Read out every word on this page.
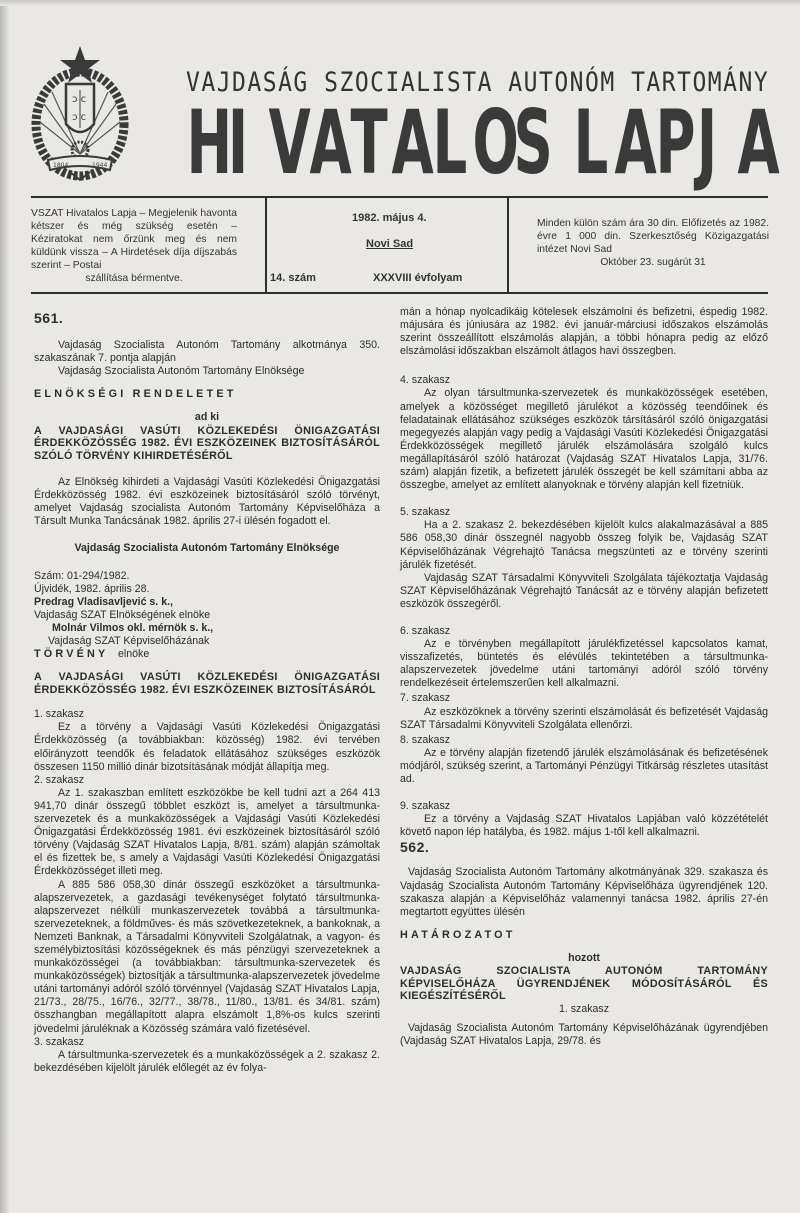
ɔ c
ɔ c
1804	1944
VAJDASÁG SZOCIALISTA AUTONÓM TARTOMÁNY
H
I V
A
T A
L O
S L A
P J A
VSZAT Hivatalos Lapja – Megjelenik havonta kétszer és még szükség esetén – Kéziratokat nem őrzünk meg és nem küldünk vissza – A Hirdetések díja díjszabás szerint – Postai
szállítása bérmentve.
1982. május 4.
Novi Sad
14. szám	XXXVIII évfolyam
Minden külön szám ára 30 din. Előfizetés az 1982. évre 1 000 din. Szerkesztőség Közigazgatási intézet Novi Sad
Október 23. sugárút 31
561.

Vajdaság Szocialista Autonóm Tartomány alkotmánya 350. szakaszának 7. pontja alapján

Vajdaság Szocialista Autonóm Tartomány Elnöksége

ELNÖKSÉGI RENDELETET

ad ki

A VAJDASÁGI VASÚTI KÖZLEKEDÉSI ÖNIGAZGATÁSI ÉRDEKKÖZÖSSÉG 1982. ÉVI ESZKÖZEINEK BIZTOSÍTÁSÁRÓL SZÓLÓ TÖRVÉNY KIHIRDETÉSÉRŐL

Az Elnökség kihirdeti a Vajdasági Vasúti Közlekedési Önigazgatási Érdekközösség 1982. évi eszközeinek biztosításáról szóló törvényt, amelyet Vajdaság szocialista Autonóm Tartomány Képviselőháza a Társult Munka Tanácsának 1982. április 27-i ülésén fogadott el.

Vajdaság Szocialista Autonóm Tartomány Elnöksége

Szám: 01-294/1982.

Újvidék, 1982. április 28.

Predrag Vladisavljević s. k.,

Vajdaság SZAT Elnökségének elnöke

Molnár Vilmos okl. mérnök s. k.,

Vajdaság SZAT Képviselőházának

elnöke

TÖRVÉNY

A VAJDASÁGI VASÚTI KÖZLEKEDÉSI ÖNIGAZGATÁSI ÉRDEKKÖZÖSSÉG 1982. ÉVI ESZKÖZEINEK BIZTOSÍTÁSÁRÓL

1. szakasz

Ez a törvény a Vajdasági Vasúti Közlekedési Önigazgatási Érdekközösség (a továbbiakban: közösség) 1982. évi tervében előirányzott teendők és feladatok ellátásához szükséges eszközök összesen 1150 millió dinár bizotsításának módját állapítja meg.

2. szakasz

Az 1. szakaszban említett eszközökbe be kell tudni azt a 264 413 941,70 dinár összegű többlet eszközt is, amelyet a társultmunka-szervezetek és a munkaközösségek a Vajdasági Vasúti Közlekedési Önigazgatási Érdekközösség 1981. évi eszközeinek biztosításáról szóló törvény (Vajdaság SZAT Hivatalos Lapja, 8/81. szám) alapján számoltak el és fizettek be, s amely a Vajdasági Vasúti Közlekedési Önigazgatási Érdekközösséget illeti meg.

A 885 586 058,30 dinár összegű eszközöket a társultmunka-alapszervezetek, a gazdasági tevékenységet folytató társultmunka-alapszervezet nélküli munkaszervezetek továbbá a társultmunka-szervezeteknek, a földműves- és más szövetkezeteknek, a bankoknak, a Nemzeti Banknak, a Társadalmi Könyvviteli Szolgálatnak, a vagyon- és személybiztosítási közösségeknek és más pénzügyi szervezeteknek a munkaközösségei (a továbbiakban: társultmunka-szervezetek és munkaközösségek) biztosítják a társultmunka-alapszervezetek jövedelme utáni tartományi adóról szóló törvénnyel (Vajdaság SZAT Hivatalos Lapja, 21/73., 28/75., 16/76., 32/77., 38/78., 11/80., 13/81. és 34/81. szám) összhangban megállapított alapra elszámolt 1,8%-os kulcs szerinti jövedelmi járuléknak a Közösség számára való fizetésével.

3. szakasz

A társultmunka-szervezetek és a munkaközösségek a 2. szakasz 2. bekezdésében kijelölt járulék előlegét az év folya-

mán a hónap nyolcadikáig kötelesek elszámolni és befizetni, éspedig 1982. májusára és júniusára az 1982. évi január-márciusi időszakos elszámolás szerint összeállított elszámolás alapján, a többi hónapra pedig az előző elszámolási időszakban elszámolt átlagos havi összegben.

4. szakasz

Az olyan társultmunka-szervezetek és munkaközösségek esetében, amelyek a közösséget megillető járulékot a közösség teendőinek és feladatainak ellátásához szükséges eszközök társításáról szóló önigazgatási megegyezés alapján vagy pedig a Vajdasági Vasúti Közlekedési Önigazgatási Érdekközösségek megillető járulék elszámolására szolgáló kulcs megállapításáról szóló határozat (Vajdaság SZAT Hivatalos Lapja, 31/76. szám) alapján fizetik, a befizetett járulék összegét be kell számítani abba az összegbe, amelyet az említett alanyoknak e törvény alapján kell fizetniük.

5. szakasz

Ha a 2. szakasz 2. bekezdésében kijelölt kulcs alakalmazásával a 885 586 058,30 dinár összegnél nagyobb összeg folyik be, Vajdaság SZAT Képviselőházának Végrehajtó Tanácsa megszünteti az e törvény szerinti járulék fizetését.

Vajdaság SZAT Társadalmi Könyvviteli Szolgálata tájékoztatja Vajdaság SZAT Képviselőházának Végrehajtó Tanácsát az e törvény alapján befizetett eszközök összegéről.

6. szakasz

Az e törvényben megállapított járulékfizetéssel kapcsolatos kamat, visszafizetés, büntetés és elévülés tekintetében a társultmunka-alapszervezetek jövedelme utáni tartományi adóról szóló törvény rendelkezéseit értelemszerűen kell alkalmazni.

7. szakasz

Az eszközöknek a törvény szerinti elszámolását és befizetését Vajdaság SZAT Társadalmi Könyvviteli Szolgálata ellenőrzi.

8. szakasz

Az e törvény alapján fizetendő járulék elszámolásának és befizetésének módjáról, szükség szerint, a Tartományi Pénzügyi Titkárság részletes utasítást ad.

9. szakasz

Ez a törvény a Vajdaság SZAT Hivatalos Lapjában való közzétételét követő napon lép hatályba, és 1982. május 1-től kell alkalmazni.

562.

Vajdaság Szocialista Autonóm Tartomány alkotmányának 329. szakasza és Vajdaság Szocialista Autonóm Tartomány Képviselőháza ügyrendjének 120. szakasza alapján a Képviselőház valamennyi tanácsa 1982. április 27-én megtartott együttes ülésén

HATÁROZATOT

hozott

VAJDASÁG SZOCIALISTA AUTONÓM TARTOMÁNY KÉPVISELŐHÁZA ÜGYRENDJÉNEK MÓDOSÍTÁSÁRÓL ÉS KIEGÉSZÍTÉSÉRŐL

1. szakasz

Vajdaság Szocialista Autonóm Tartomány Képviselőházának ügyrendjében (Vajdaság SZAT Hivatalos Lapja, 29/78. és
